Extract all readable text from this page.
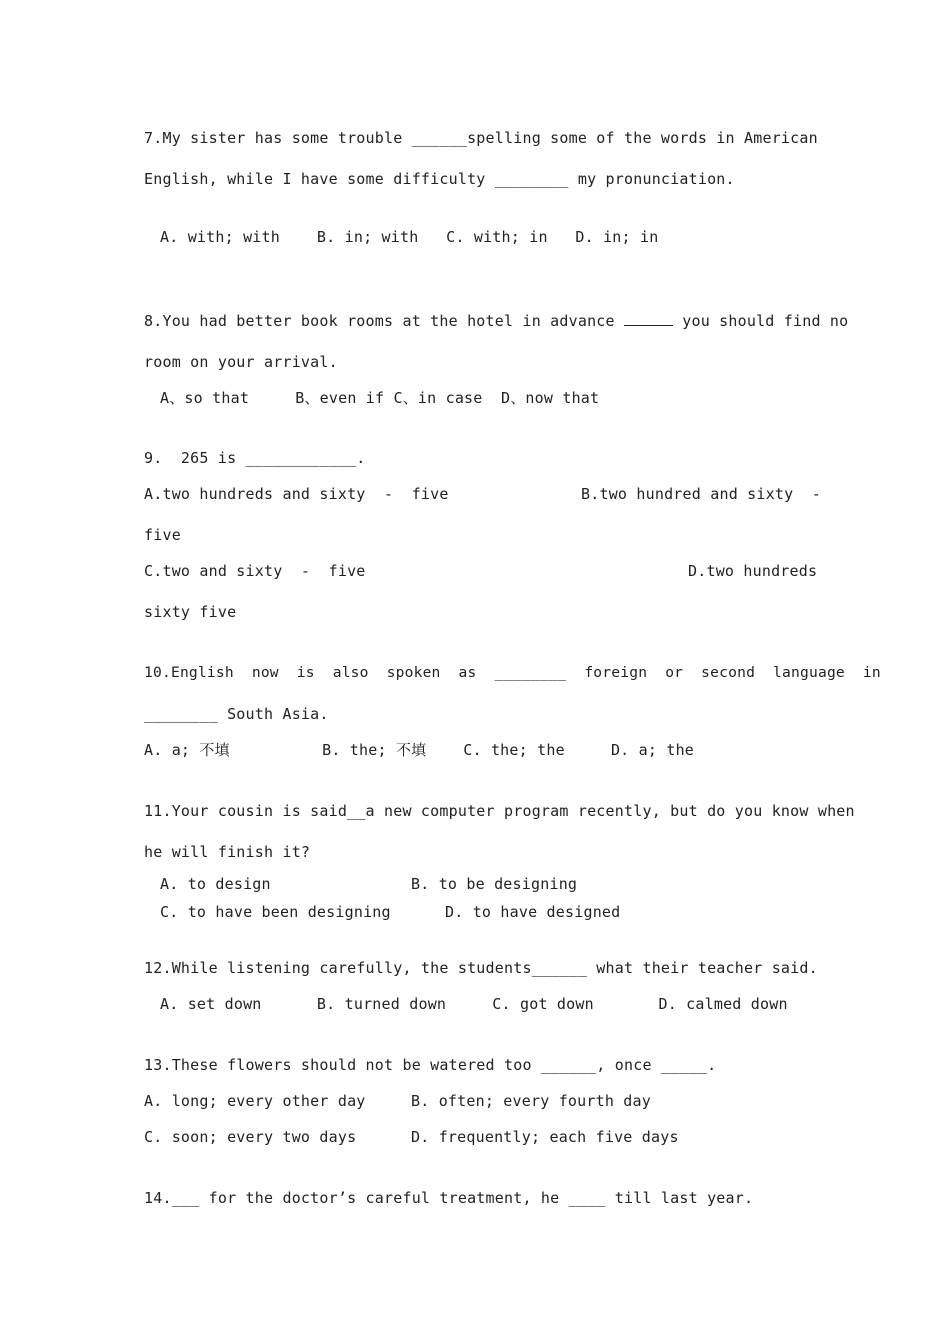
7.My sister has some trouble ______spelling some of the words in American
English, while I have some difficulty ________ my pronunciation.
A. with; with    B. in; with   C. with; in   D. in; in
8.You had better book rooms at the hotel in advance	you should find no
room on your arrival.
A、so that     B、even if C、in case  D、now that
9.  265 is ____________.
A.two hundreds and sixty  -  five	B.two hundred and sixty  -
five
C.two and sixty  -  five	D.two hundreds
sixty five
10.English  now  is  also  spoken  as  ________  foreign  or  second  language  in
________ South Asia.
A. a; 不填          B. the; 不填    C. the; the     D. a; the
11.Your cousin is said__a new computer program recently, but do you know when
he will finish it?
A. to design	B. to be designing
C. to have been designing	D. to have designed
12.While listening carefully, the students______ what their teacher said.
A. set down      B. turned down     C. got down       D. calmed down
13.These flowers should not be watered too ______, once _____.
A. long; every other day	B. often; every fourth day
C. soon; every two days	D. frequently; each five days
14.___ for the doctor’s careful treatment, he ____ till last year.
